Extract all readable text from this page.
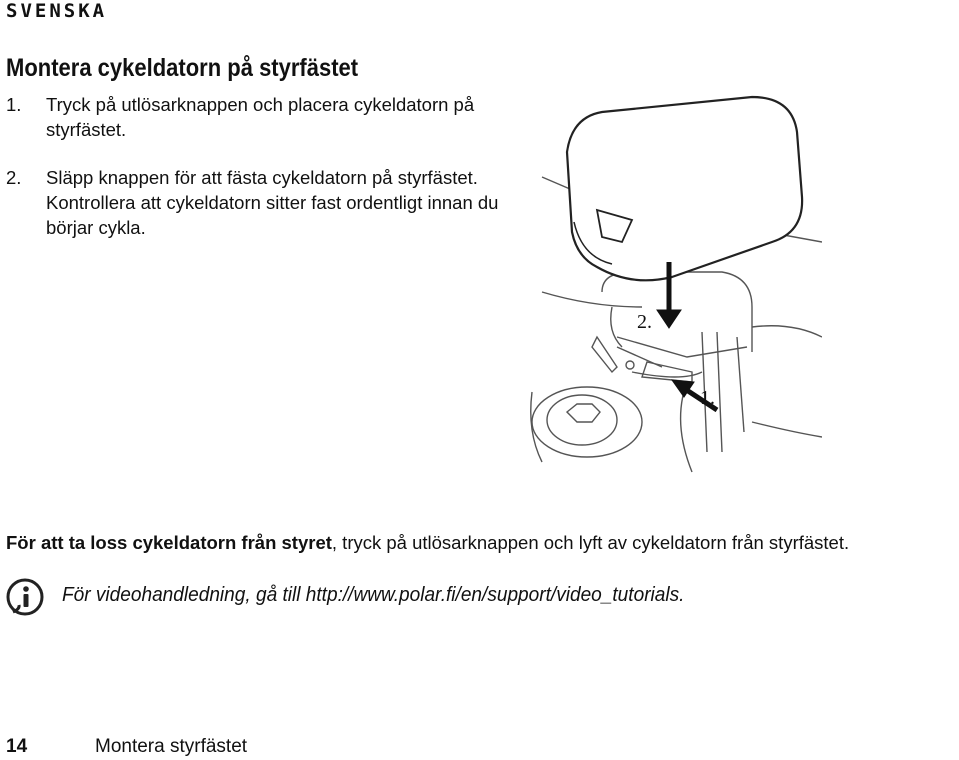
SVENSKA
Montera cykeldatorn på styrfästet
1. Tryck på utlösarknappen och placera cykeldatorn på styrfästet.
2. Släpp knappen för att fästa cykeldatorn på styrfästet. Kontrollera att cykeldatorn sitter fast ordentligt innan du börjar cykla.
2.
1.
För att ta loss cykeldatorn från styret, tryck på utlösarknappen och lyft av cykeldatorn från styrfästet.
För videohandledning, gå till http://www.polar.fi/en/support/video_tutorials.
14	Montera styrfästet
